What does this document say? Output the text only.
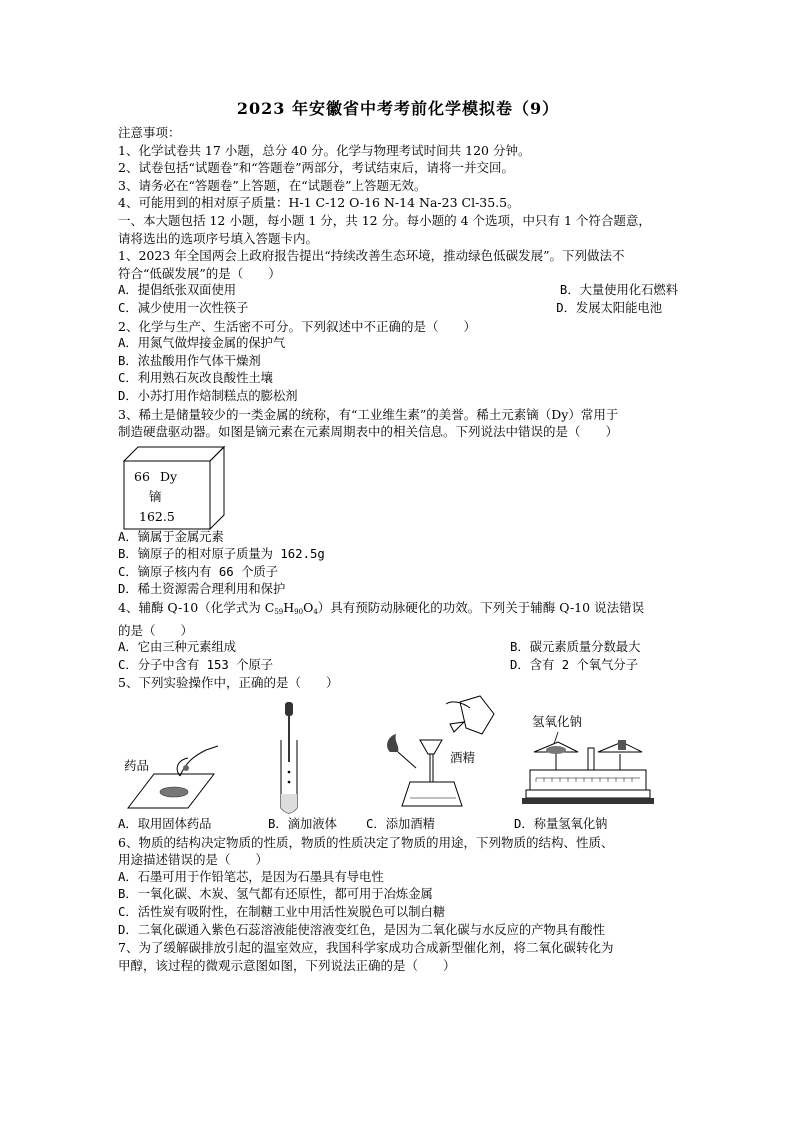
2023 年安徽省中考考前化学模拟卷（9）
注意事项：
1、化学试卷共 17 小题，总分 40 分。化学与物理考试时间共 120 分钟。
2、试卷包括“试题卷”和“答题卷”两部分，考试结束后，请将一并交回。
3、请务必在“答题卷”上答题，在“试题卷”上答题无效。
4、可能用到的相对原子质量：H-1 C-12 O-16 N-14 Na-23 Cl-35.5。
一、本大题包括 12 小题，每小题 1 分，共 12 分。每小题的 4 个选项，中只有 1 个符合题意，
请将选出的选项序号填入答题卡内。
1、2023 年全国两会上政府报告提出“持续改善生态环境，推动绿色低碳发展”。下列做法不
符合“低碳发展”的是（　　）
A．提倡纸张双面使用	B．大量使用化石燃料
C．减少使用一次性筷子	D．发展太阳能电池
2、化学与生产、生活密不可分。下列叙述中不正确的是（　　）
A．用氮气做焊接金属的保护气
B．浓盐酸用作气体干燥剂
C．利用熟石灰改良酸性土壤
D．小苏打用作焙制糕点的膨松剂
3、稀土是储量较少的一类金属的统称，有“工业维生素”的美誉。稀土元素镝（Dy）常用于
制造硬盘驱动器。如图是镝元素在元素周期表中的相关信息。下列说法中错误的是（　　）
66 Dy
镝
162.5
A．镝属于金属元素
B．镝原子的相对原子质量为 162.5g
C．镝原子核内有 66 个质子
D．稀土资源需合理利用和保护
4、辅酶 Q-10（化学式为 $C_{59}H_{90}O_4$）具有预防动脉硬化的功效。下列关于辅酶 Q-10 说法错误
的是（　　）
A．它由三种元素组成	B．碳元素质量分数最大
C．分子中含有 153 个原子	D．含有 2 个氧气分子
5、下列实验操作中，正确的是（　　）
药品
酒精
氢氧化钠
A．取用固体药品	B．滴加液体	C．添加酒精	D．称量氢氧化钠
6、物质的结构决定物质的性质，物质的性质决定了物质的用途，下列物质的结构、性质、
用途描述错误的是（　　）
A．石墨可用于作铅笔芯，是因为石墨具有导电性
B．一氧化碳、木炭、氢气都有还原性，都可用于冶炼金属
C．活性炭有吸附性，在制糖工业中用活性炭脱色可以制白糖
D．二氧化碳通入紫色石蕊溶液能使溶液变红色，是因为二氧化碳与水反应的产物具有酸性
7、为了缓解碳排放引起的温室效应，我国科学家成功合成新型催化剂，将二氧化碳转化为
甲醇，该过程的微观示意图如图，下列说法正确的是（　　）
